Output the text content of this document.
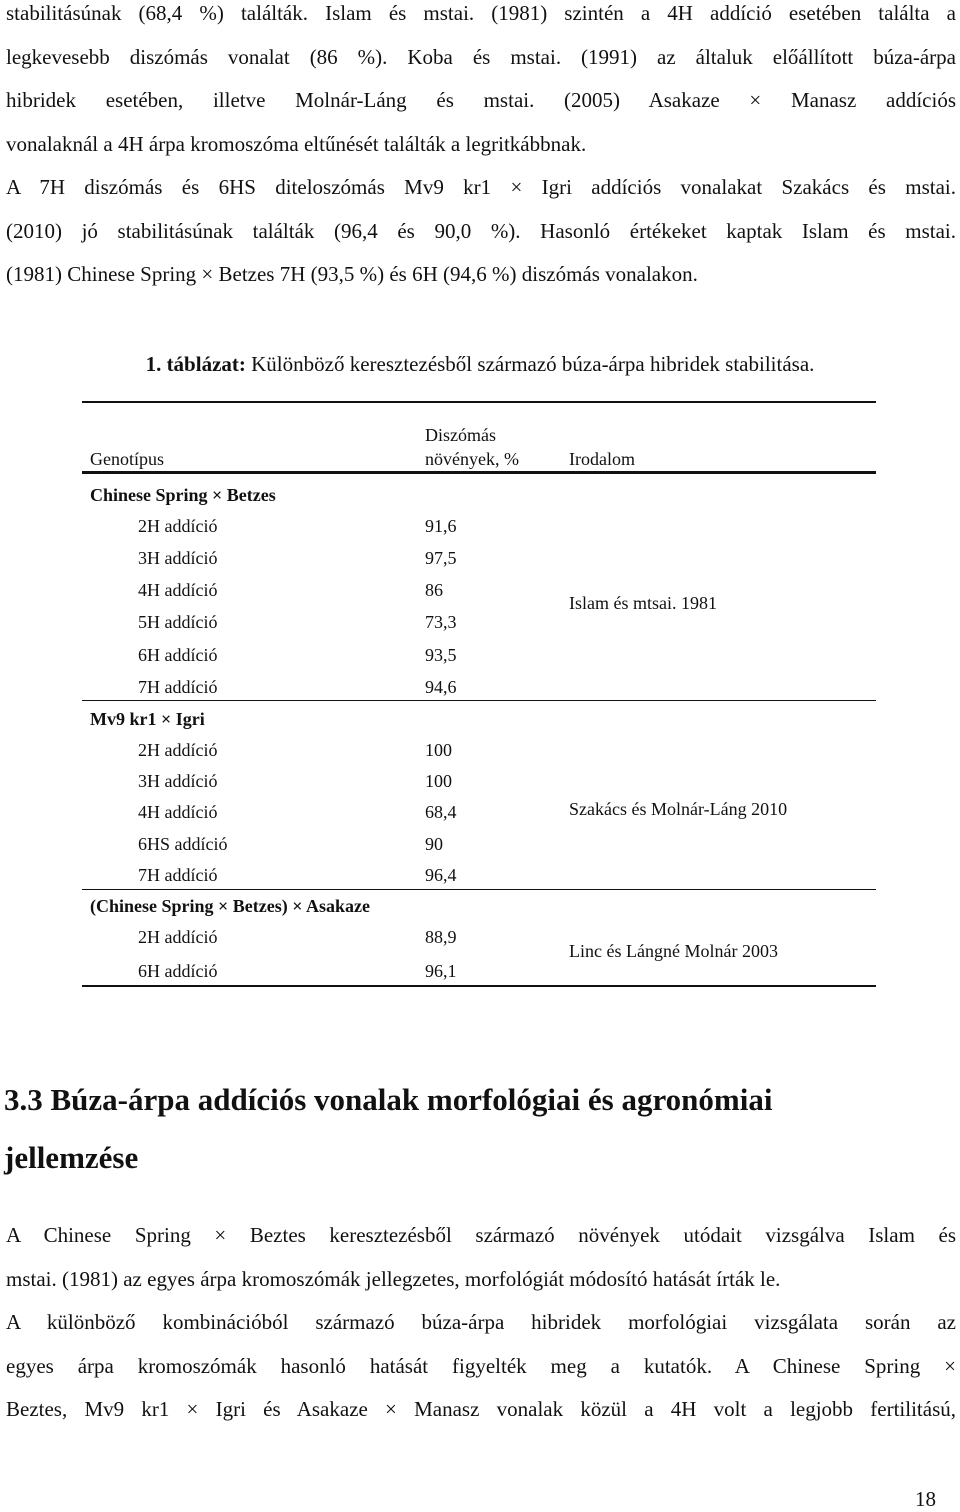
stabilitásúnak (68,4 %) találták. Islam és mstai. (1981) szintén a 4H addíció esetében találta a
legkevesebb diszómás vonalat (86 %). Koba és mstai. (1991) az általuk előállított búza-árpa
hibridek esetében, illetve Molnár-Láng és mstai. (2005) Asakaze × Manasz addíciós
vonalaknál a 4H árpa kromoszóma eltűnését találták a legritkábbnak.
A 7H diszómás és 6HS diteloszómás Mv9 kr1 × Igri addíciós vonalakat Szakács és mstai.
(2010) jó stabilitásúnak találták (96,4 és 90,0 %). Hasonló értékeket kaptak Islam és mstai.
(1981) Chinese Spring × Betzes 7H (93,5 %) és 6H (94,6 %) diszómás vonalakon.
1. táblázat: Különböző keresztezésből származó búza-árpa hibridek stabilitása.
Genotípus
Diszómás
növények, %	Irodalom
Chinese Spring × Betzes
2H addíció	91,6
3H addíció	97,5
4H addíció	86
5H addíció	73,3
6H addíció	93,5
7H addíció	94,6
Islam és mtsai. 1981
Mv9 kr1 × Igri
2H addíció	100
3H addíció	100
4H addíció	68,4
6HS addíció	90
7H addíció	96,4
Szakács és Molnár-Láng 2010
(Chinese Spring × Betzes) × Asakaze
2H addíció	88,9
6H addíció	96,1
Linc és Lángné Molnár 2003
3.3 Búza-árpa addíciós vonalak morfológiai és agronómiai
jellemzése
A Chinese Spring × Beztes keresztezésből származó növények utódait vizsgálva Islam és
mstai. (1981) az egyes árpa kromoszómák jellegzetes, morfológiát módosító hatását írták le.
A különböző kombinációból származó búza-árpa hibridek morfológiai vizsgálata során az
egyes árpa kromoszómák hasonló hatását figyelték meg a kutatók. A Chinese Spring ×
Beztes, Mv9 kr1 × Igri és Asakaze × Manasz vonalak közül a 4H volt a legjobb fertilitású,
18
